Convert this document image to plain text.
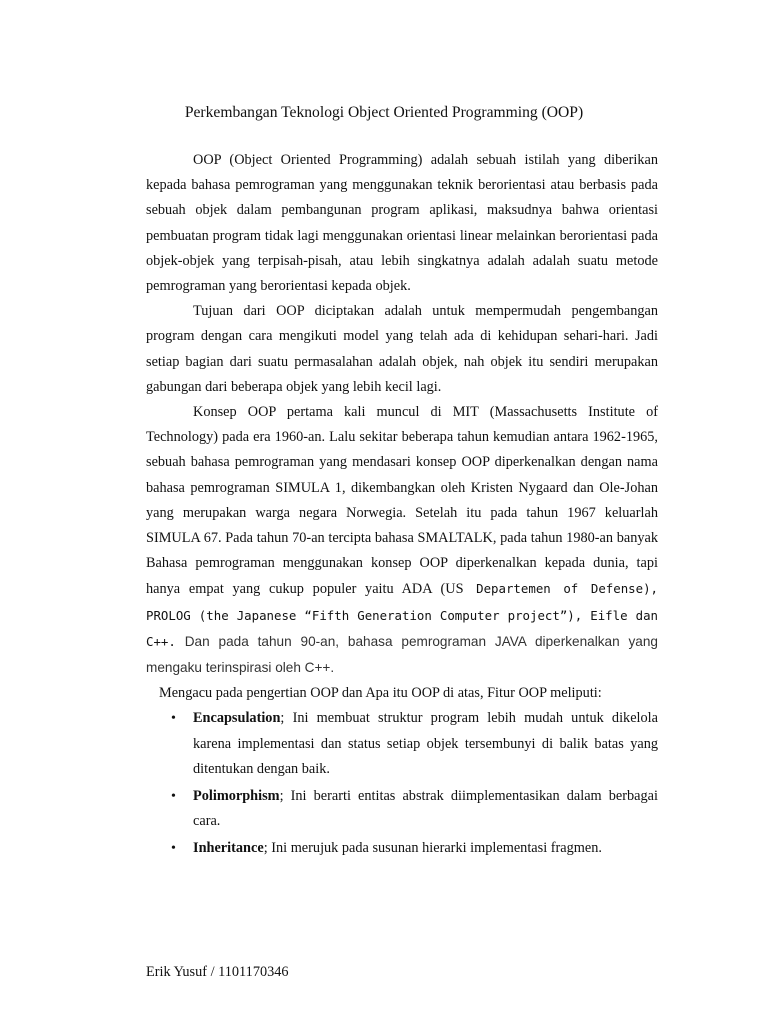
Perkembangan Teknologi Object Oriented Programming (OOP)

OOP (Object Oriented Programming) adalah sebuah istilah yang diberikan kepada bahasa pemrograman yang menggunakan teknik berorientasi atau berbasis pada sebuah objek dalam pembangunan program aplikasi, maksudnya bahwa orientasi pembuatan program tidak lagi menggunakan orientasi linear melainkan berorientasi pada objek-objek yang terpisah-pisah, atau lebih singkatnya adalah adalah suatu metode pemrograman yang berorientasi kepada objek.

Tujuan dari OOP diciptakan adalah untuk mempermudah pengembangan program dengan cara mengikuti model yang telah ada di kehidupan sehari-hari. Jadi setiap bagian dari suatu permasalahan adalah objek, nah objek itu sendiri merupakan gabungan dari beberapa objek yang lebih kecil lagi.

Konsep OOP pertama kali muncul di MIT (Massachusetts Institute of Technology) pada era 1960-an. Lalu sekitar beberapa tahun kemudian antara 1962-1965, sebuah bahasa pemrograman yang mendasari konsep OOP diperkenalkan dengan nama bahasa pemrograman SIMULA 1, dikembangkan oleh Kristen Nygaard dan Ole-Johan yang merupakan warga negara Norwegia. Setelah itu pada tahun 1967 keluarlah SIMULA 67. Pada tahun 70-an tercipta bahasa SMALTALK, pada tahun 1980-an banyak Bahasa pemrograman menggunakan konsep OOP diperkenalkan kepada dunia, tapi hanya empat yang cukup populer yaitu ADA (US Departemen of Defense), PROLOG (the Japanese “Fifth Generation Computer project”), Eifle dan C++. Dan pada tahun 90-an, bahasa pemrograman JAVA diperkenalkan yang mengaku terinspirasi oleh C++.

Mengacu pada pengertian OOP dan Apa itu OOP di atas, Fitur OOP meliputi:

• Encapsulation; Ini membuat struktur program lebih mudah untuk dikelola karena implementasi dan status setiap objek tersembunyi di balik batas yang ditentukan dengan baik.
• Polimorphism; Ini berarti entitas abstrak diimplementasikan dalam berbagai cara.
• Inheritance; Ini merujuk pada susunan hierarki implementasi fragmen.
Erik Yusuf / 1101170346
